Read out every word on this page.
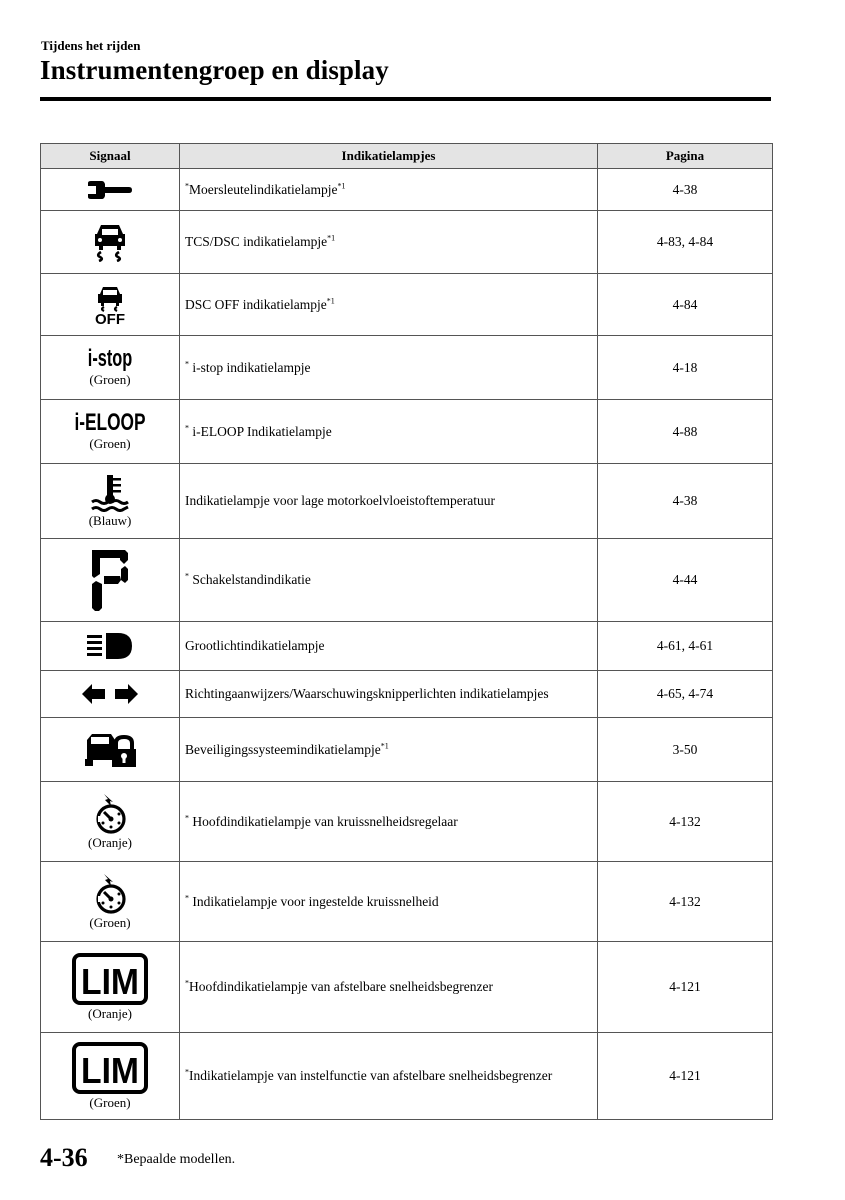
Tijdens het rijden
Instrumentengroep en display
Signaal	Indikatielampjes	Pagina

	*Moersleutelindikatielampje$^{*1}$	4-38

	TCS/DSC indikatielampje$^{*1}$	4-83, 4-84

OFF	DSC OFF indikatielampje$^{*1}$	4-84

i-stop
(Groen)	* i-stop indikatielampje	4-18

i-ELOOP
(Groen)	* i-ELOOP Indikatielampje	4-88

(Blauw)	Indikatielampje voor lage motorkoelvloeistoftemperatuur	4-38

	* Schakelstandindikatie	4-44

	Grootlichtindikatielampje	4-61, 4-61

	Richtingaanwijzers/Waarschuwingsknipperlichten indikatielampjes	4-65, 4-74

	Beveiligingssysteemindikatielampje$^{*1}$	3-50

(Oranje)	* Hoofdindikatielampje van kruissnelheidsregelaar	4-132

(Groen)	* Indikatielampje voor ingestelde kruissnelheid	4-132

LIM
(Oranje)	*Hoofdindikatielampje van afstelbare snelheidsbegrenzer	4-121

LIM
(Groen)	*Indikatielampje van instelfunctie van afstelbare snelheidsbegrenzer	4-121
4-36 *Bepaalde modellen.
